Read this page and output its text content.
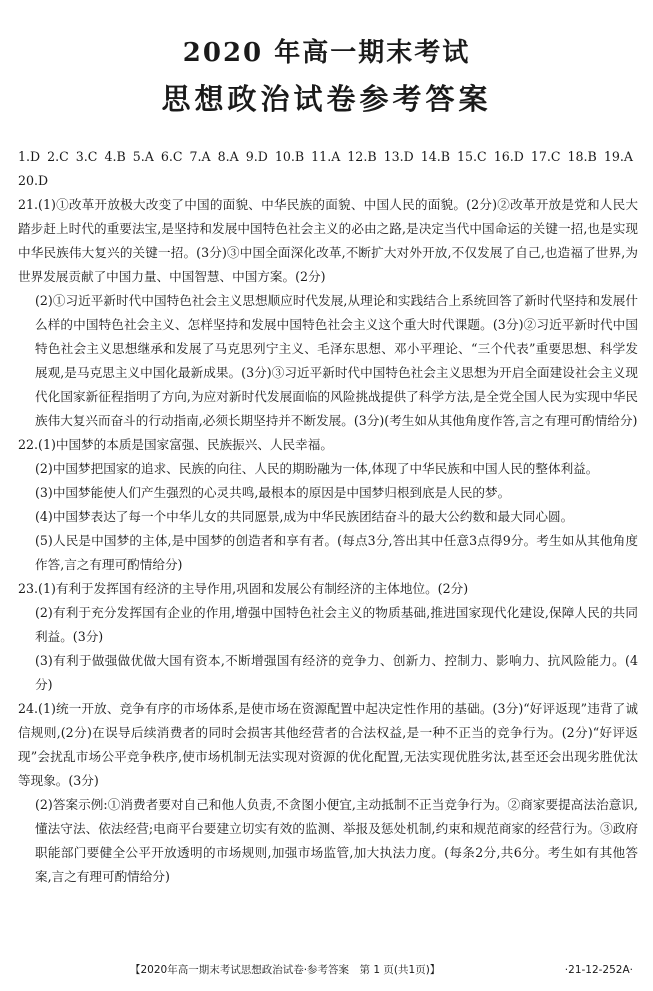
2020 年高一期末考试
思想政治试卷参考答案
1.D 2.C 3.C 4.B 5.A 6.C 7.A 8.A 9.D 10.B 11.A 12.B 13.D 14.B 15.C 16.D 17.C 18.B 19.A
20.D

21.(1)①改革开放极大改变了中国的面貌、中华民族的面貌、中国人民的面貌。(2分)②改革开放是党和人民大踏步赶上时代的重要法宝,是坚持和发展中国特色社会主义的必由之路,是决定当代中国命运的关键一招,也是实现中华民族伟大复兴的关键一招。(3分)③中国全面深化改革,不断扩大对外开放,不仅发展了自己,也造福了世界,为世界发展贡献了中国力量、中国智慧、中国方案。(2分)

(2)①习近平新时代中国特色社会主义思想顺应时代发展,从理论和实践结合上系统回答了新时代坚持和发展什么样的中国特色社会主义、怎样坚持和发展中国特色社会主义这个重大时代课题。(3分)②习近平新时代中国特色社会主义思想继承和发展了马克思列宁主义、毛泽东思想、邓小平理论、“三个代表”重要思想、科学发展观,是马克思主义中国化最新成果。(3分)③习近平新时代中国特色社会主义思想为开启全面建设社会主义现代化国家新征程指明了方向,为应对新时代发展面临的风险挑战提供了科学方法,是全党全国人民为实现中华民族伟大复兴而奋斗的行动指南,必须长期坚持并不断发展。(3分)(考生如从其他角度作答,言之有理可酌情给分)

22.(1)中国梦的本质是国家富强、民族振兴、人民幸福。

(2)中国梦把国家的追求、民族的向往、人民的期盼融为一体,体现了中华民族和中国人民的整体利益。

(3)中国梦能使人们产生强烈的心灵共鸣,最根本的原因是中国梦归根到底是人民的梦。

(4)中国梦表达了每一个中华儿女的共同愿景,成为中华民族团结奋斗的最大公约数和最大同心圆。

(5)人民是中国梦的主体,是中国梦的创造者和享有者。(每点3分,答出其中任意3点得9分。考生如从其他角度作答,言之有理可酌情给分)

23.(1)有利于发挥国有经济的主导作用,巩固和发展公有制经济的主体地位。(2分)

(2)有利于充分发挥国有企业的作用,增强中国特色社会主义的物质基础,推进国家现代化建设,保障人民的共同利益。(3分)

(3)有利于做强做优做大国有资本,不断增强国有经济的竞争力、创新力、控制力、影响力、抗风险能力。(4分)

24.(1)统一开放、竞争有序的市场体系,是使市场在资源配置中起决定性作用的基础。(3分)“好评返现”违背了诚信规则,(2分)在误导后续消费者的同时会损害其他经营者的合法权益,是一种不正当的竞争行为。(2分)“好评返现”会扰乱市场公平竞争秩序,使市场机制无法实现对资源的优化配置,无法实现优胜劣汰,甚至还会出现劣胜优汰等现象。(3分)

(2)答案示例:①消费者要对自己和他人负责,不贪图小便宜,主动抵制不正当竞争行为。②商家要提高法治意识,懂法守法、依法经营;电商平台要建立切实有效的监测、举报及惩处机制,约束和规范商家的经营行为。③政府职能部门要健全公平开放透明的市场规则,加强市场监管,加大执法力度。(每条2分,共6分。考生如有其他答案,言之有理可酌情给分)

【2020年高一期末考试思想政治试卷·参考答案　第 1 页(共1页)】	·21-12-252A·
